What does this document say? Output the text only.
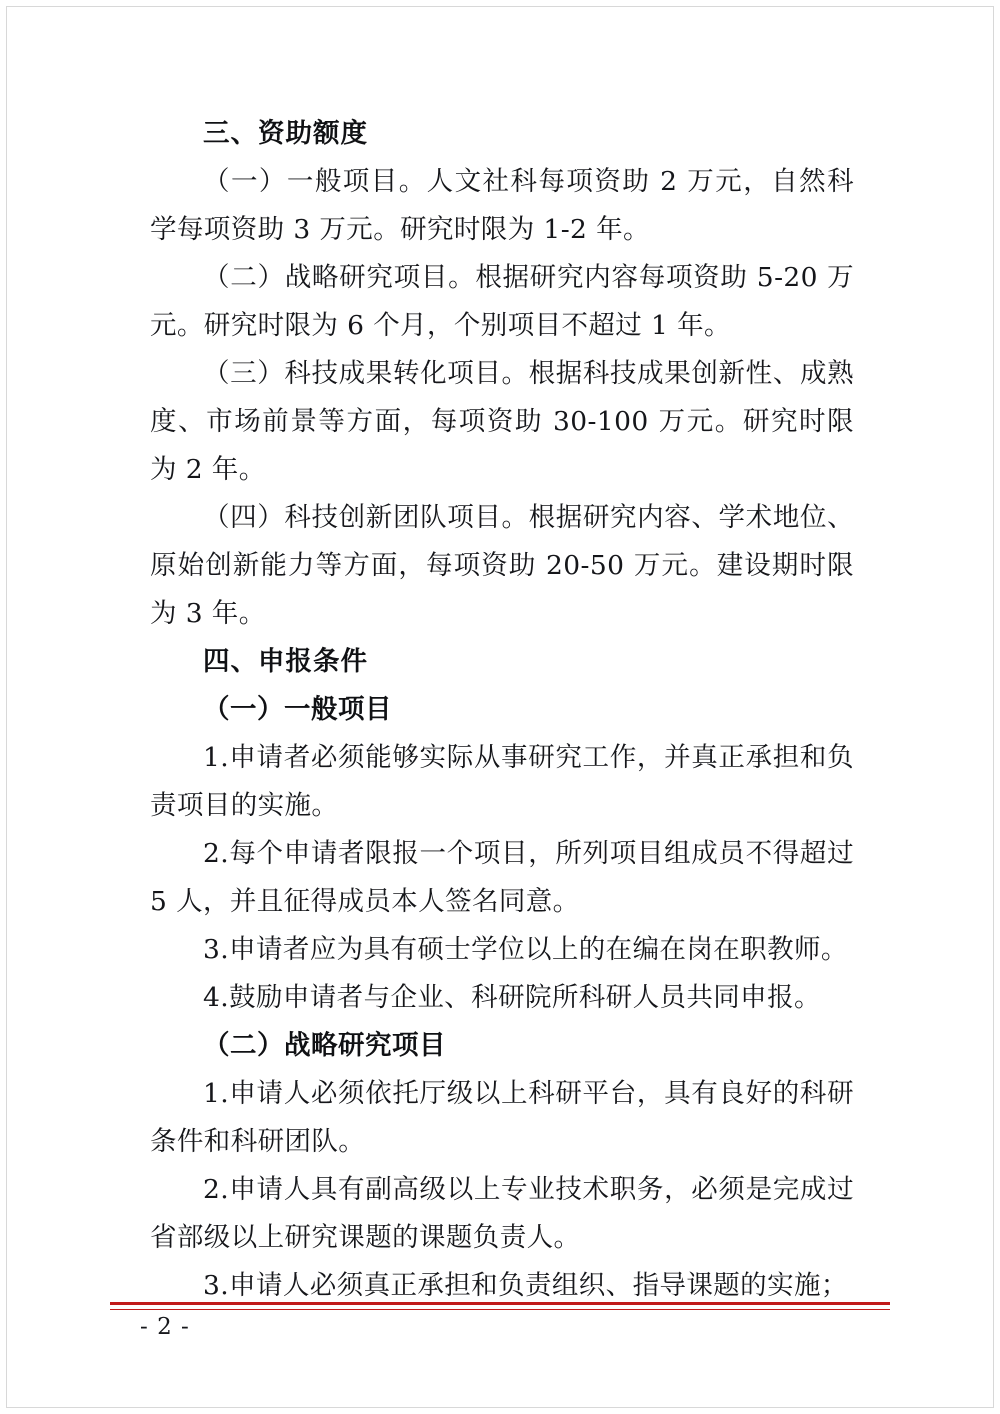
三、资助额度
（一）一般项目。人文社科每项资助 2 万元，自然科学每项资助 3 万元。研究时限为 1-2 年。
（二）战略研究项目。根据研究内容每项资助 5-20 万元。研究时限为 6 个月，个别项目不超过 1 年。
（三）科技成果转化项目。根据科技成果创新性、成熟度、市场前景等方面，每项资助 30-100 万元。研究时限为 2 年。
（四）科技创新团队项目。根据研究内容、学术地位、原始创新能力等方面，每项资助 20-50 万元。建设期时限为 3 年。
四、申报条件
（一）一般项目
1.申请者必须能够实际从事研究工作，并真正承担和负责项目的实施。
2.每个申请者限报一个项目，所列项目组成员不得超过 5 人，并且征得成员本人签名同意。
3.申请者应为具有硕士学位以上的在编在岗在职教师。
4.鼓励申请者与企业、科研院所科研人员共同申报。
（二）战略研究项目
1.申请人必须依托厅级以上科研平台，具有良好的科研条件和科研团队。
2.申请人具有副高级以上专业技术职务，必须是完成过省部级以上研究课题的课题负责人。
3.申请人必须真正承担和负责组织、指导课题的实施；
- 2 -
